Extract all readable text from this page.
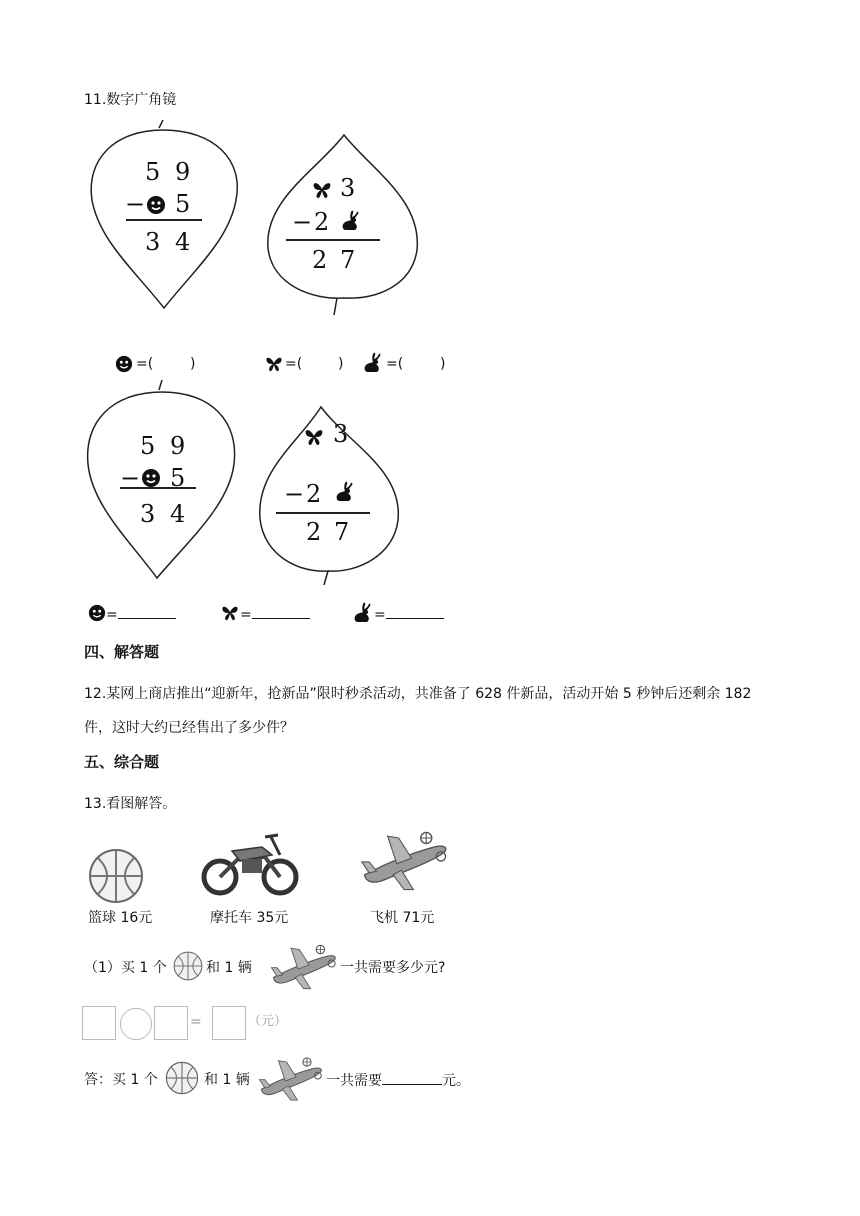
11.数字广角镜
5 9
− 5
3 4
3
− 2
2 7
=(	)	=(	)	=(	)
5 9
− 5
3 4
3
− 2
2 7
=	=	=
四、解答题
12.某网上商店推出“迎新年，抢新品”限时秒杀活动，共准备了 628 件新品，活动开始 5 秒钟后还剩余 182
件，这时大约已经售出了多少件？
五、综合题
13.看图解答。
篮球 16元	摩托车 35元	飞机 71元
（1）买 1 个	和 1 辆	一共需要多少元?
=	（元）
答：买 1 个	和 1 辆	一共需要	元。
